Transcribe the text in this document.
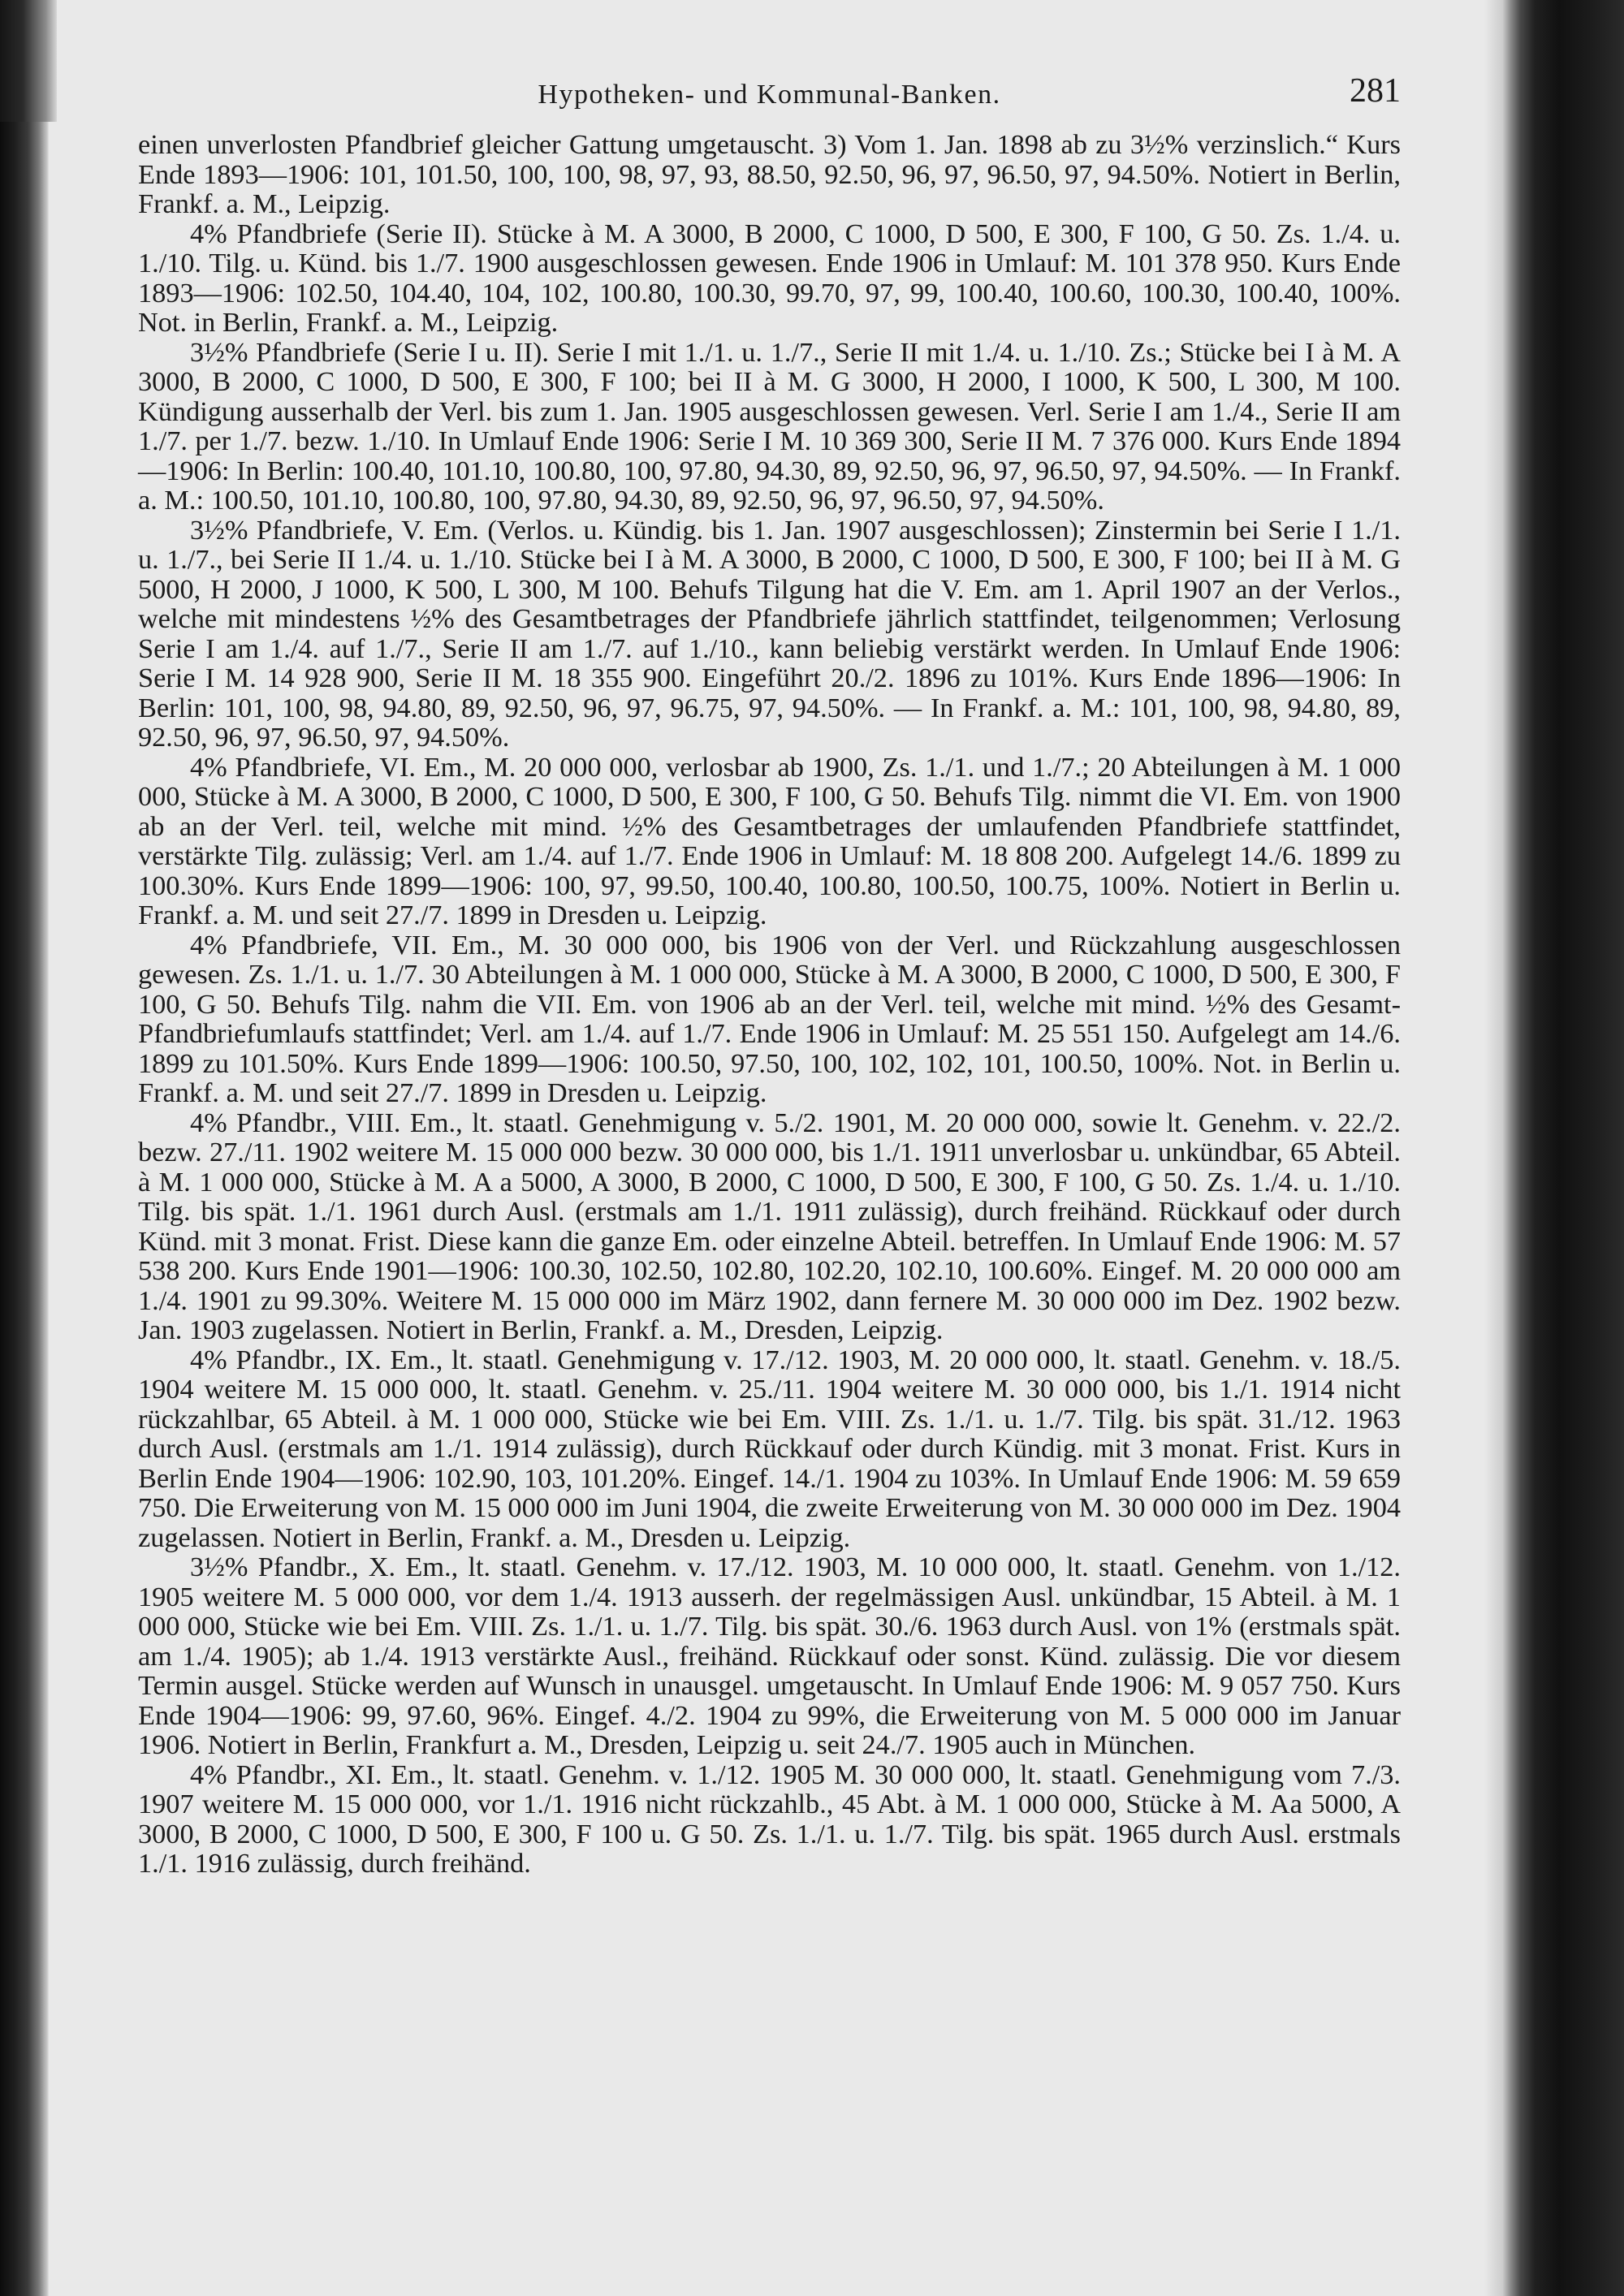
Hypotheken- und Kommunal-Banken.	281

einen unverlosten Pfandbrief gleicher Gattung umgetauscht. 3) Vom 1. Jan. 1898 ab zu 3½% verzinslich.“ Kurs Ende 1893—1906: 101, 101.50, 100, 100, 98, 97, 93, 88.50, 92.50, 96, 97, 96.50, 97, 94.50%. Notiert in Berlin, Frankf. a. M., Leipzig.

4% Pfandbriefe (Serie II). Stücke à M. A 3000, B 2000, C 1000, D 500, E 300, F 100, G 50. Zs. 1./4. u. 1./10. Tilg. u. Künd. bis 1./7. 1900 ausgeschlossen gewesen. Ende 1906 in Umlauf: M. 101 378 950. Kurs Ende 1893—1906: 102.50, 104.40, 104, 102, 100.80, 100.30, 99.70, 97, 99, 100.40, 100.60, 100.30, 100.40, 100%. Not. in Berlin, Frankf. a. M., Leipzig.

3½% Pfandbriefe (Serie I u. II). Serie I mit 1./1. u. 1./7., Serie II mit 1./4. u. 1./10. Zs.; Stücke bei I à M. A 3000, B 2000, C 1000, D 500, E 300, F 100; bei II à M. G 3000, H 2000, I 1000, K 500, L 300, M 100. Kündigung ausserhalb der Verl. bis zum 1. Jan. 1905 ausgeschlossen gewesen. Verl. Serie I am 1./4., Serie II am 1./7. per 1./7. bezw. 1./10. In Umlauf Ende 1906: Serie I M. 10 369 300, Serie II M. 7 376 000. Kurs Ende 1894—1906: In Berlin: 100.40, 101.10, 100.80, 100, 97.80, 94.30, 89, 92.50, 96, 97, 96.50, 97, 94.50%. — In Frankf. a. M.: 100.50, 101.10, 100.80, 100, 97.80, 94.30, 89, 92.50, 96, 97, 96.50, 97, 94.50%.

3½% Pfandbriefe, V. Em. (Verlos. u. Kündig. bis 1. Jan. 1907 ausgeschlossen); Zinstermin bei Serie I 1./1. u. 1./7., bei Serie II 1./4. u. 1./10. Stücke bei I à M. A 3000, B 2000, C 1000, D 500, E 300, F 100; bei II à M. G 5000, H 2000, J 1000, K 500, L 300, M 100. Behufs Tilgung hat die V. Em. am 1. April 1907 an der Verlos., welche mit mindestens ½% des Gesamtbetrages der Pfandbriefe jährlich stattfindet, teilgenommen; Verlosung Serie I am 1./4. auf 1./7., Serie II am 1./7. auf 1./10., kann beliebig verstärkt werden. In Umlauf Ende 1906: Serie I M. 14 928 900, Serie II M. 18 355 900. Eingeführt 20./2. 1896 zu 101%. Kurs Ende 1896—1906: In Berlin: 101, 100, 98, 94.80, 89, 92.50, 96, 97, 96.75, 97, 94.50%. — In Frankf. a. M.: 101, 100, 98, 94.80, 89, 92.50, 96, 97, 96.50, 97, 94.50%.

4% Pfandbriefe, VI. Em., M. 20 000 000, verlosbar ab 1900, Zs. 1./1. und 1./7.; 20 Abteilungen à M. 1 000 000, Stücke à M. A 3000, B 2000, C 1000, D 500, E 300, F 100, G 50. Behufs Tilg. nimmt die VI. Em. von 1900 ab an der Verl. teil, welche mit mind. ½% des Gesamtbetrages der umlaufenden Pfandbriefe stattfindet, verstärkte Tilg. zulässig; Verl. am 1./4. auf 1./7. Ende 1906 in Umlauf: M. 18 808 200. Aufgelegt 14./6. 1899 zu 100.30%. Kurs Ende 1899—1906: 100, 97, 99.50, 100.40, 100.80, 100.50, 100.75, 100%. Notiert in Berlin u. Frankf. a. M. und seit 27./7. 1899 in Dresden u. Leipzig.

4% Pfandbriefe, VII. Em., M. 30 000 000, bis 1906 von der Verl. und Rückzahlung ausgeschlossen gewesen. Zs. 1./1. u. 1./7. 30 Abteilungen à M. 1 000 000, Stücke à M. A 3000, B 2000, C 1000, D 500, E 300, F 100, G 50. Behufs Tilg. nahm die VII. Em. von 1906 ab an der Verl. teil, welche mit mind. ½% des Gesamt-Pfandbriefumlaufs stattfindet; Verl. am 1./4. auf 1./7. Ende 1906 in Umlauf: M. 25 551 150. Aufgelegt am 14./6. 1899 zu 101.50%. Kurs Ende 1899—1906: 100.50, 97.50, 100, 102, 102, 101, 100.50, 100%. Not. in Berlin u. Frankf. a. M. und seit 27./7. 1899 in Dresden u. Leipzig.

4% Pfandbr., VIII. Em., lt. staatl. Genehmigung v. 5./2. 1901, M. 20 000 000, sowie lt. Genehm. v. 22./2. bezw. 27./11. 1902 weitere M. 15 000 000 bezw. 30 000 000, bis 1./1. 1911 unverlosbar u. unkündbar, 65 Abteil. à M. 1 000 000, Stücke à M. A a 5000, A 3000, B 2000, C 1000, D 500, E 300, F 100, G 50. Zs. 1./4. u. 1./10. Tilg. bis spät. 1./1. 1961 durch Ausl. (erstmals am 1./1. 1911 zulässig), durch freihänd. Rückkauf oder durch Künd. mit 3 monat. Frist. Diese kann die ganze Em. oder einzelne Abteil. betreffen. In Umlauf Ende 1906: M. 57 538 200. Kurs Ende 1901—1906: 100.30, 102.50, 102.80, 102.20, 102.10, 100.60%. Eingef. M. 20 000 000 am 1./4. 1901 zu 99.30%. Weitere M. 15 000 000 im März 1902, dann fernere M. 30 000 000 im Dez. 1902 bezw. Jan. 1903 zugelassen. Notiert in Berlin, Frankf. a. M., Dresden, Leipzig.

4% Pfandbr., IX. Em., lt. staatl. Genehmigung v. 17./12. 1903, M. 20 000 000, lt. staatl. Genehm. v. 18./5. 1904 weitere M. 15 000 000, lt. staatl. Genehm. v. 25./11. 1904 weitere M. 30 000 000, bis 1./1. 1914 nicht rückzahlbar, 65 Abteil. à M. 1 000 000, Stücke wie bei Em. VIII. Zs. 1./1. u. 1./7. Tilg. bis spät. 31./12. 1963 durch Ausl. (erstmals am 1./1. 1914 zulässig), durch Rückkauf oder durch Kündig. mit 3 monat. Frist. Kurs in Berlin Ende 1904—1906: 102.90, 103, 101.20%. Eingef. 14./1. 1904 zu 103%. In Umlauf Ende 1906: M. 59 659 750. Die Erweiterung von M. 15 000 000 im Juni 1904, die zweite Erweiterung von M. 30 000 000 im Dez. 1904 zugelassen. Notiert in Berlin, Frankf. a. M., Dresden u. Leipzig.

3½% Pfandbr., X. Em., lt. staatl. Genehm. v. 17./12. 1903, M. 10 000 000, lt. staatl. Genehm. von 1./12. 1905 weitere M. 5 000 000, vor dem 1./4. 1913 ausserh. der regelmässigen Ausl. unkündbar, 15 Abteil. à M. 1 000 000, Stücke wie bei Em. VIII. Zs. 1./1. u. 1./7. Tilg. bis spät. 30./6. 1963 durch Ausl. von 1% (erstmals spät. am 1./4. 1905); ab 1./4. 1913 verstärkte Ausl., freihänd. Rückkauf oder sonst. Künd. zulässig. Die vor diesem Termin ausgel. Stücke werden auf Wunsch in unausgel. umgetauscht. In Umlauf Ende 1906: M. 9 057 750. Kurs Ende 1904—1906: 99, 97.60, 96%. Eingef. 4./2. 1904 zu 99%, die Erweiterung von M. 5 000 000 im Januar 1906. Notiert in Berlin, Frankfurt a. M., Dresden, Leipzig u. seit 24./7. 1905 auch in München.

4% Pfandbr., XI. Em., lt. staatl. Genehm. v. 1./12. 1905 M. 30 000 000, lt. staatl. Genehmigung vom 7./3. 1907 weitere M. 15 000 000, vor 1./1. 1916 nicht rückzahlb., 45 Abt. à M. 1 000 000, Stücke à M. Aa 5000, A 3000, B 2000, C 1000, D 500, E 300, F 100 u. G 50. Zs. 1./1. u. 1./7. Tilg. bis spät. 1965 durch Ausl. erstmals 1./1. 1916 zulässig, durch freihänd.
